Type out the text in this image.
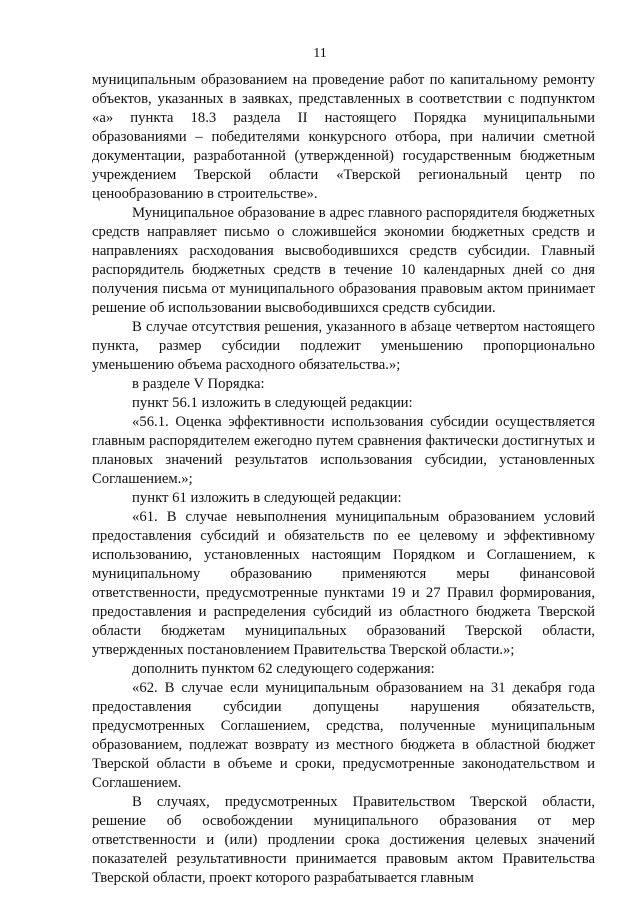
11

муниципальным образованием на проведение работ по капитальному ремонту объектов, указанных в заявках, представленных в соответствии с подпунктом «а» пункта 18.3 раздела II настоящего Порядка муниципальными образованиями – победителями конкурсного отбора, при наличии сметной документации, разработанной (утвержденной) государственным бюджетным учреждением Тверской области «Тверской региональный центр по ценообразованию в строительстве».

Муниципальное образование в адрес главного распорядителя бюджетных средств направляет письмо о сложившейся экономии бюджетных средств и направлениях расходования высвободившихся средств субсидии. Главный распорядитель бюджетных средств в течение 10 календарных дней со дня получения письма от муниципального образования правовым актом принимает решение об использовании высвободившихся средств субсидии.

В случае отсутствия решения, указанного в абзаце четвертом настоящего пункта, размер субсидии подлежит уменьшению пропорционально уменьшению объема расходного обязательства.»;

в разделе V Порядка:

пункт 56.1 изложить в следующей редакции:

«56.1. Оценка эффективности использования субсидии осуществляется главным распорядителем ежегодно путем сравнения фактически достигнутых и плановых значений результатов использования субсидии, установленных Соглашением.»;

пункт 61 изложить в следующей редакции:

«61. В случае невыполнения муниципальным образованием условий предоставления субсидий и обязательств по ее целевому и эффективному использованию, установленных настоящим Порядком и Соглашением, к муниципальному образованию применяются меры финансовой ответственности, предусмотренные пунктами 19 и 27 Правил формирования, предоставления и распределения субсидий из областного бюджета Тверской области бюджетам муниципальных образований Тверской области, утвержденных постановлением Правительства Тверской области.»;

дополнить пунктом 62 следующего содержания:

«62. В случае если муниципальным образованием на 31 декабря года предоставления субсидии допущены нарушения обязательств, предусмотренных Соглашением, средства, полученные муниципальным образованием, подлежат возврату из местного бюджета в областной бюджет Тверской области в объеме и сроки, предусмотренные законодательством и Соглашением.

В случаях, предусмотренных Правительством Тверской области, решение об освобождении муниципального образования от мер ответственности и (или) продлении срока достижения целевых значений показателей результативности принимается правовым актом Правительства Тверской области, проект которого разрабатывается главным
